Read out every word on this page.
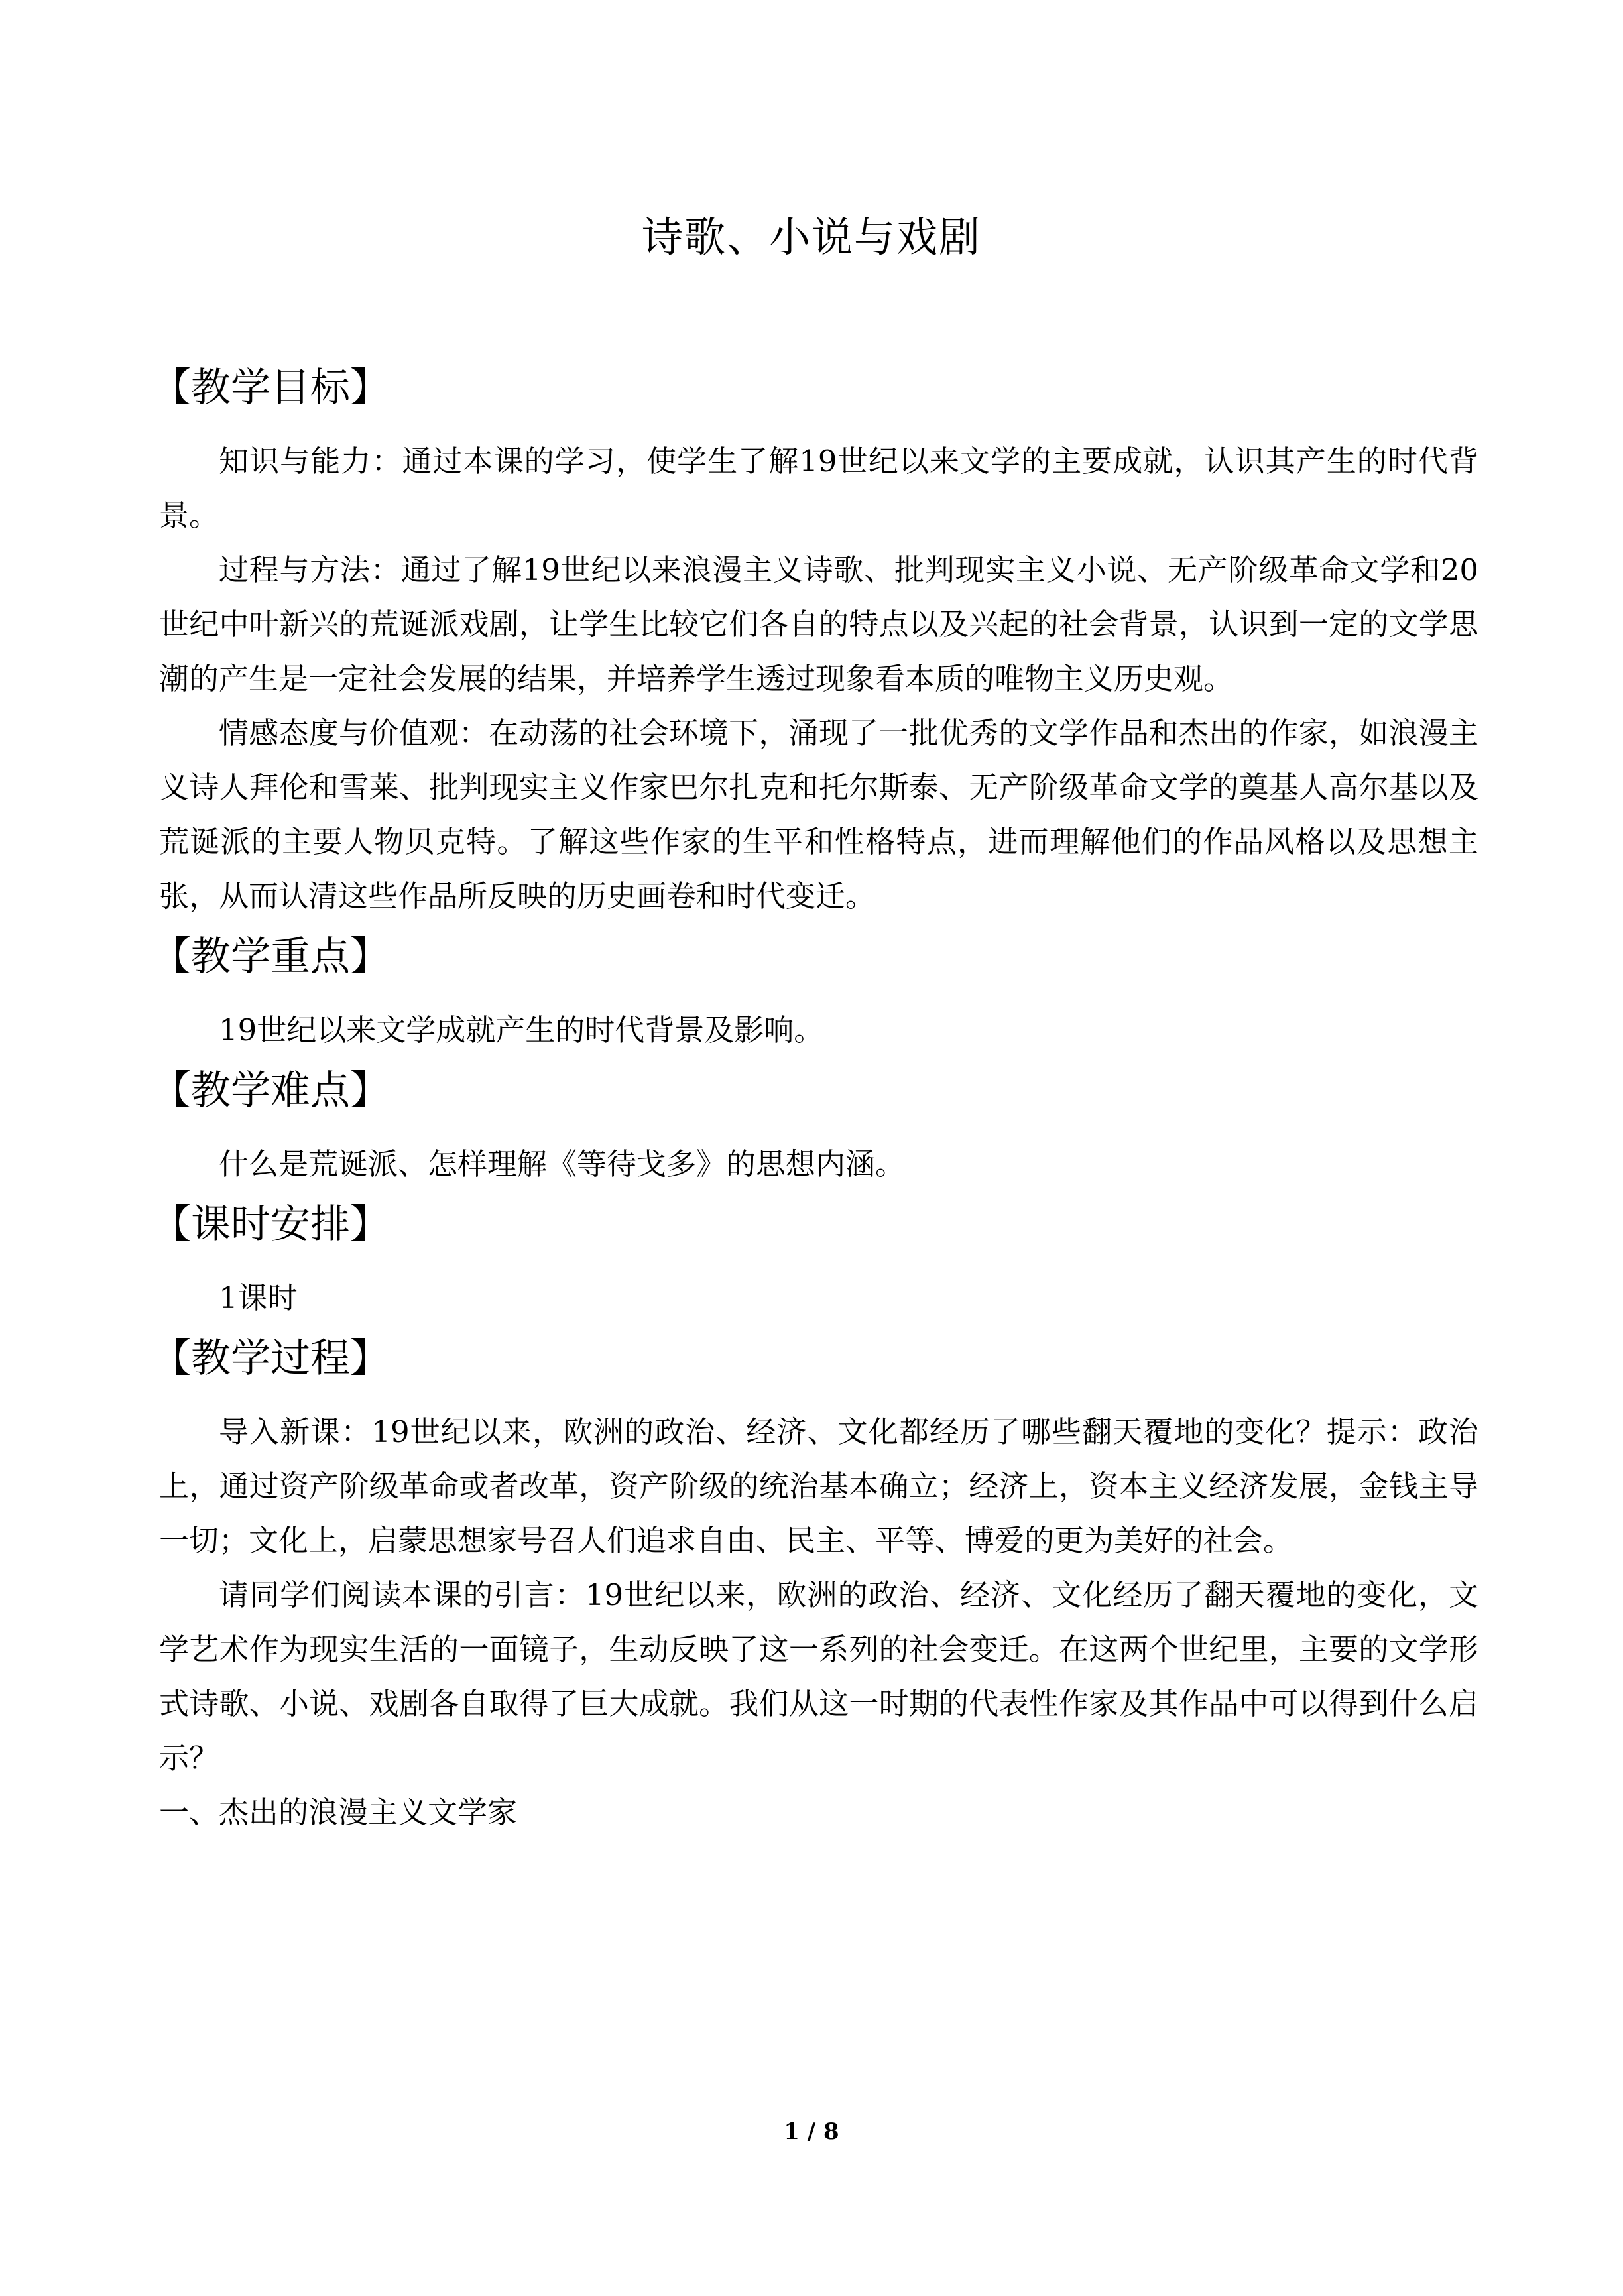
诗歌、小说与戏剧
【教学目标】

知识与能力：通过本课的学习，使学生了解19世纪以来文学的主要成就，认识其产生的时代背景。

过程与方法：通过了解19世纪以来浪漫主义诗歌、批判现实主义小说、无产阶级革命文学和20世纪中叶新兴的荒诞派戏剧，让学生比较它们各自的特点以及兴起的社会背景，认识到一定的文学思潮的产生是一定社会发展的结果，并培养学生透过现象看本质的唯物主义历史观。

情感态度与价值观：在动荡的社会环境下，涌现了一批优秀的文学作品和杰出的作家，如浪漫主义诗人拜伦和雪莱、批判现实主义作家巴尔扎克和托尔斯泰、无产阶级革命文学的奠基人高尔基以及荒诞派的主要人物贝克特。了解这些作家的生平和性格特点，进而理解他们的作品风格以及思想主张，从而认清这些作品所反映的历史画卷和时代变迁。

【教学重点】

19世纪以来文学成就产生的时代背景及影响。

【教学难点】

什么是荒诞派、怎样理解《等待戈多》的思想内涵。

【课时安排】

1课时

【教学过程】

导入新课：19世纪以来，欧洲的政治、经济、文化都经历了哪些翻天覆地的变化？提示：政治上，通过资产阶级革命或者改革，资产阶级的统治基本确立；经济上，资本主义经济发展，金钱主导一切；文化上，启蒙思想家号召人们追求自由、民主、平等、博爱的更为美好的社会。

请同学们阅读本课的引言：19世纪以来，欧洲的政治、经济、文化经历了翻天覆地的变化，文学艺术作为现实生活的一面镜子，生动反映了这一系列的社会变迁。在这两个世纪里，主要的文学形式诗歌、小说、戏剧各自取得了巨大成就。我们从这一时期的代表性作家及其作品中可以得到什么启示？

一、杰出的浪漫主义文学家

1 / 8
